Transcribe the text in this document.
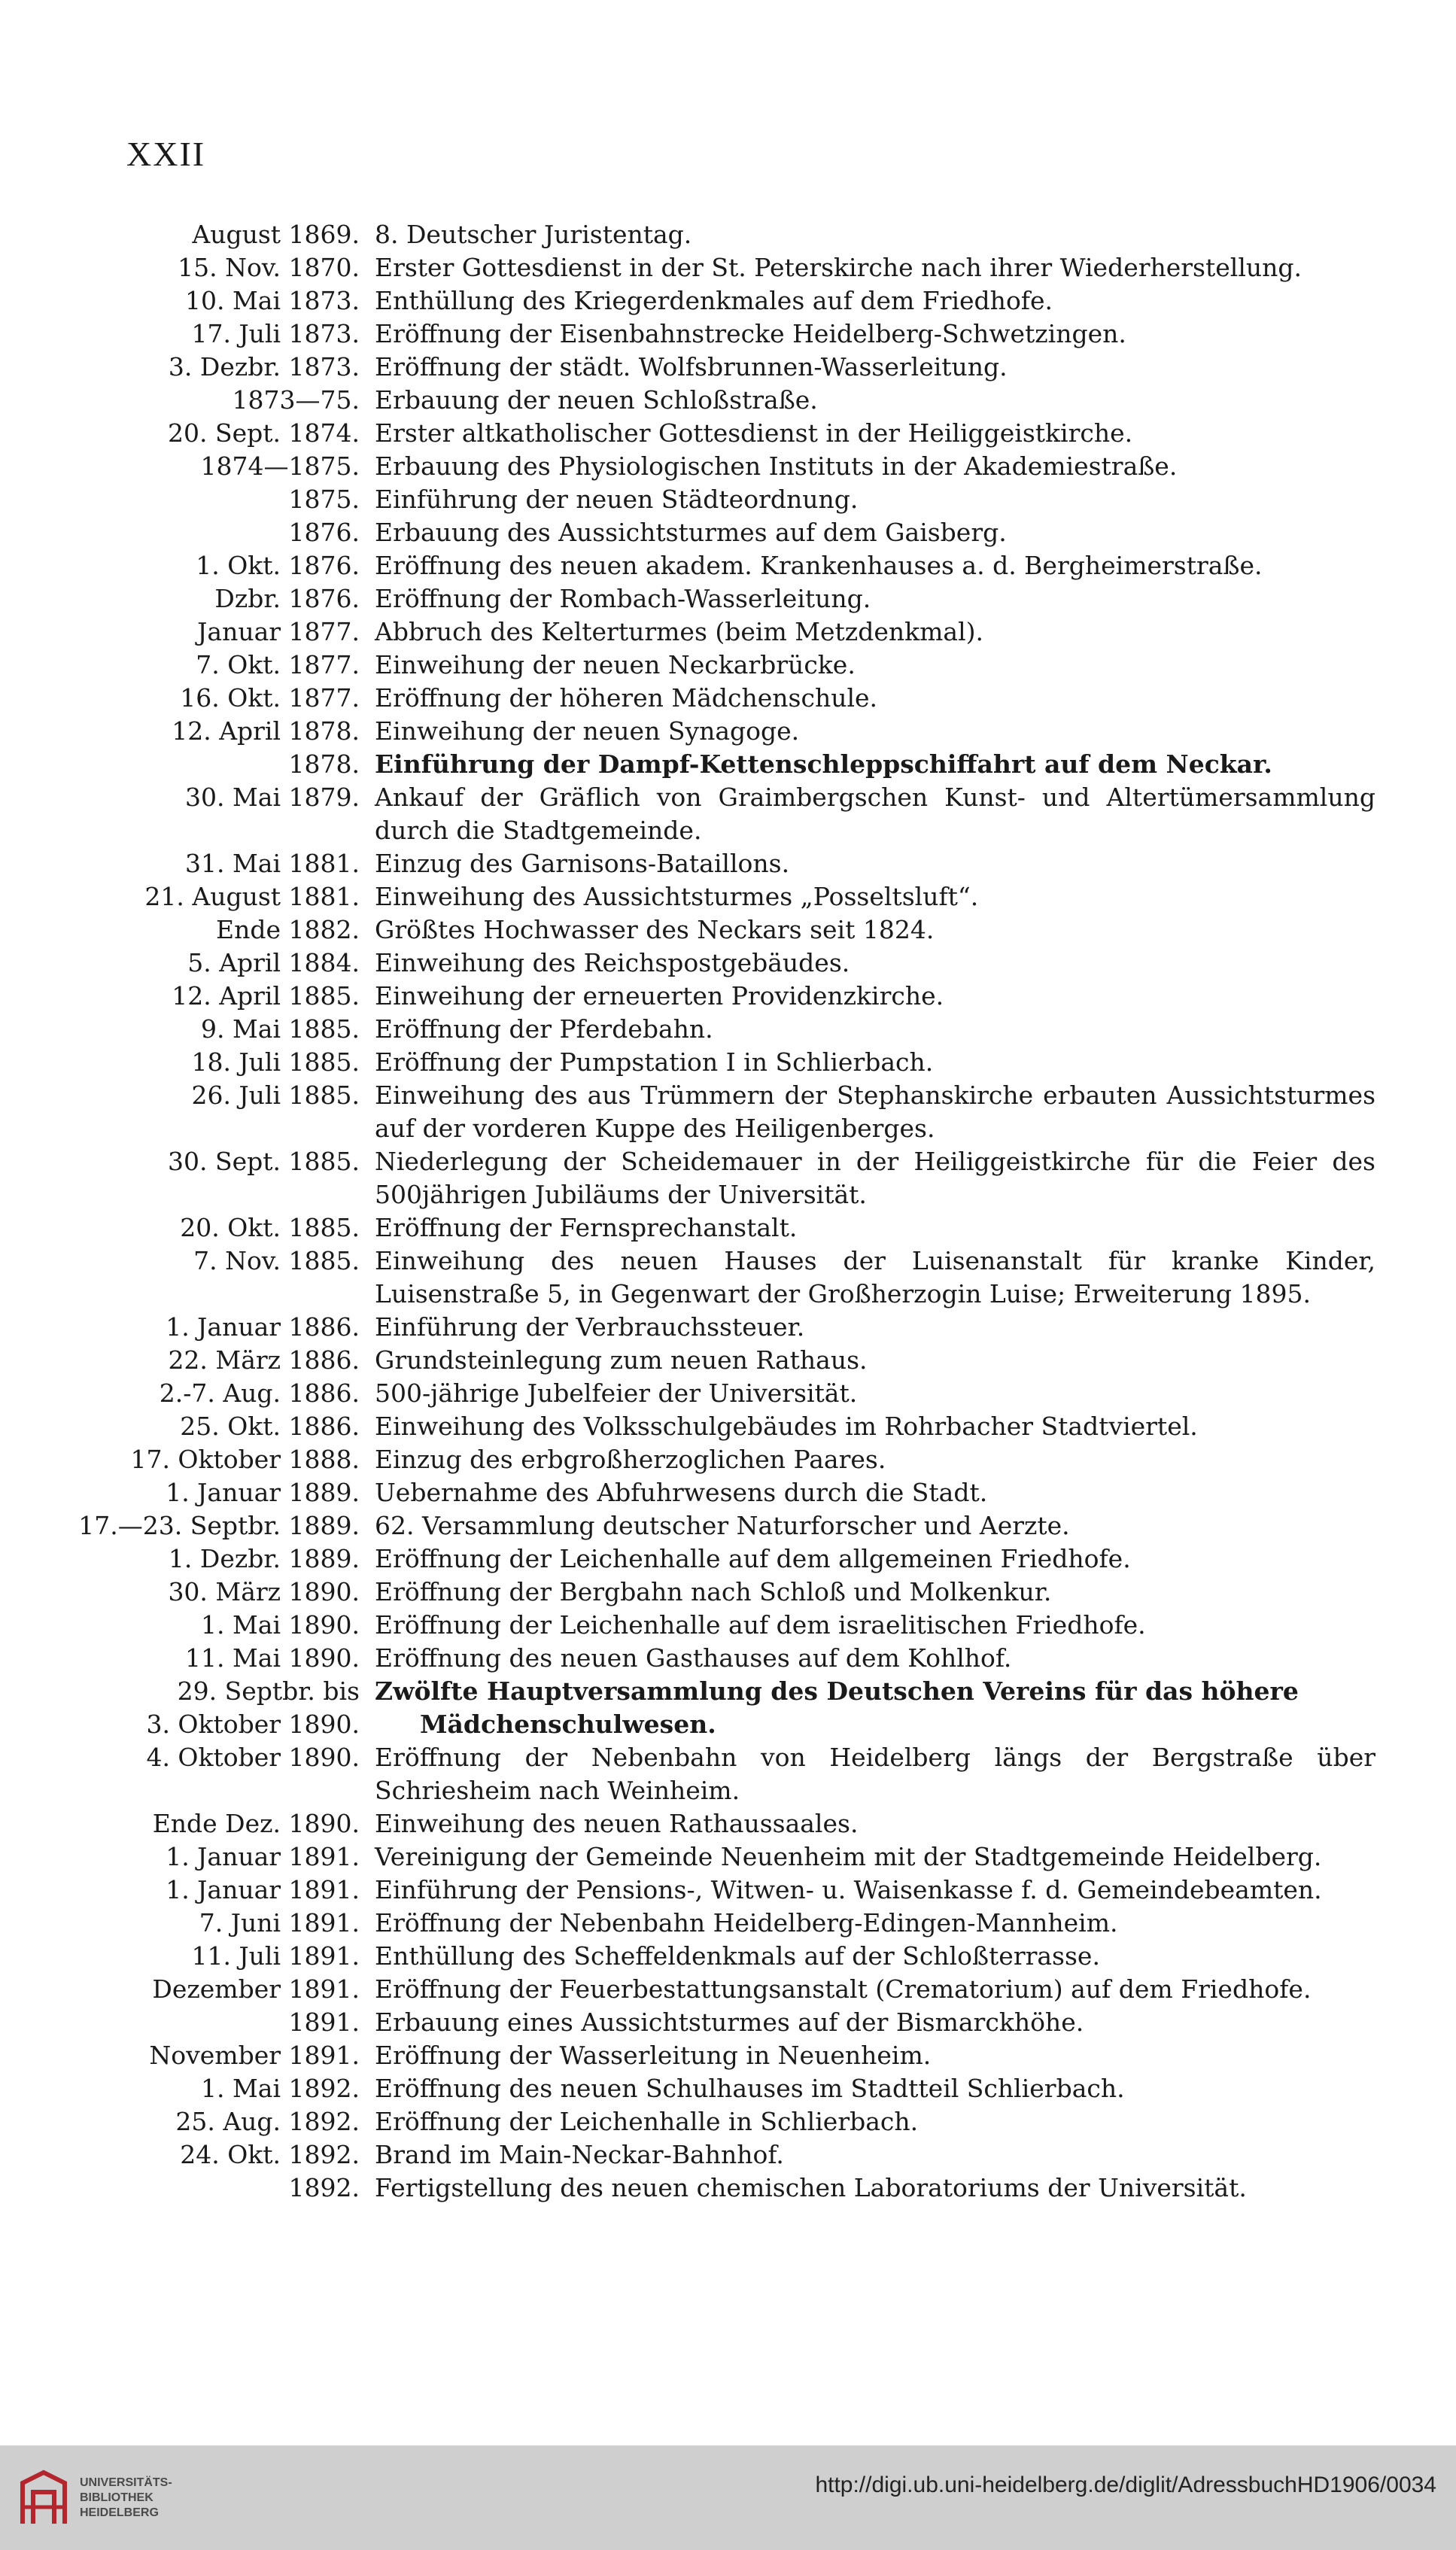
XXII
August 1869. 8. Deutscher Juristentag.
15. Nov. 1870. Erster Gottesdienst in der St. Peterskirche nach ihrer Wiederherstellung.
10. Mai 1873. Enthüllung des Kriegerdenkmales auf dem Friedhofe.
17. Juli 1873. Eröffnung der Eisenbahnstrecke Heidelberg-Schwetzingen.
3. Dezbr. 1873. Eröffnung der städt. Wolfsbrunnen-Wasserleitung.
1873—75. Erbauung der neuen Schloßstraße.
20. Sept. 1874. Erster altkatholischer Gottesdienst in der Heiliggeistkirche.
1874—1875. Erbauung des Physiologischen Instituts in der Akademiestraße.
1875. Einführung der neuen Städteordnung.
1876. Erbauung des Aussichtsturmes auf dem Gaisberg.
1. Okt. 1876. Eröffnung des neuen akadem. Krankenhauses a. d. Bergheimerstraße.
Dzbr. 1876. Eröffnung der Rombach-Wasserleitung.
Januar 1877. Abbruch des Kelterturmes (beim Metzdenkmal).
7. Okt. 1877. Einweihung der neuen Neckarbrücke.
16. Okt. 1877. Eröffnung der höheren Mädchenschule.
12. April 1878. Einweihung der neuen Synagoge.
1878. Einführung der Dampf-Kettenschleppschiffahrt auf dem Neckar.
30. Mai 1879. Ankauf der Gräflich von Graimbergschen Kunst- und Altertümersammlung durch die Stadtgemeinde.
31. Mai 1881. Einzug des Garnisons-Bataillons.
21. August 1881. Einweihung des Aussichtsturmes „Posseltsluft“.
Ende 1882. Größtes Hochwasser des Neckars seit 1824.
5. April 1884. Einweihung des Reichspostgebäudes.
12. April 1885. Einweihung der erneuerten Providenzkirche.
9. Mai 1885. Eröffnung der Pferdebahn.
18. Juli 1885. Eröffnung der Pumpstation I in Schlierbach.
26. Juli 1885. Einweihung des aus Trümmern der Stephanskirche erbauten Aussichtsturmes auf der vorderen Kuppe des Heiligenberges.
30. Sept. 1885. Niederlegung der Scheidemauer in der Heiliggeistkirche für die Feier des 500jährigen Jubiläums der Universität.
20. Okt. 1885. Eröffnung der Fernsprechanstalt.
7. Nov. 1885. Einweihung des neuen Hauses der Luisenanstalt für kranke Kinder, Luisenstraße 5, in Gegenwart der Großherzogin Luise; Erweiterung 1895.
1. Januar 1886. Einführung der Verbrauchssteuer.
22. März 1886. Grundsteinlegung zum neuen Rathaus.
2.-7. Aug. 1886. 500-jährige Jubelfeier der Universität.
25. Okt. 1886. Einweihung des Volksschulgebäudes im Rohrbacher Stadtviertel.
17. Oktober 1888. Einzug des erbgroßherzoglichen Paares.
1. Januar 1889. Uebernahme des Abfuhrwesens durch die Stadt.
17.—23. Septbr. 1889. 62. Versammlung deutscher Naturforscher und Aerzte.
1. Dezbr. 1889. Eröffnung der Leichenhalle auf dem allgemeinen Friedhofe.
30. März 1890. Eröffnung der Bergbahn nach Schloß und Molkenkur.
1. Mai 1890. Eröffnung der Leichenhalle auf dem israelitischen Friedhofe.
11. Mai 1890. Eröffnung des neuen Gasthauses auf dem Kohlhof.
29. Septbr. bis Zwölfte Hauptversammlung des Deutschen Vereins für das höhere
3. Oktober 1890.	Mädchenschulwesen.
4. Oktober 1890. Eröffnung der Nebenbahn von Heidelberg längs der Bergstraße über Schriesheim nach Weinheim.
Ende Dez. 1890. Einweihung des neuen Rathaussaales.
1. Januar 1891. Vereinigung der Gemeinde Neuenheim mit der Stadtgemeinde Heidelberg.
1. Januar 1891. Einführung der Pensions-, Witwen- u. Waisenkasse f. d. Gemeindebeamten.
7. Juni 1891. Eröffnung der Nebenbahn Heidelberg-Edingen-Mannheim.
11. Juli 1891. Enthüllung des Scheffeldenkmals auf der Schloßterrasse.
Dezember 1891. Eröffnung der Feuerbestattungsanstalt (Crematorium) auf dem Friedhofe.
1891. Erbauung eines Aussichtsturmes auf der Bismarckhöhe.
November 1891. Eröffnung der Wasserleitung in Neuenheim.
1. Mai 1892. Eröffnung des neuen Schulhauses im Stadtteil Schlierbach.
25. Aug. 1892. Eröffnung der Leichenhalle in Schlierbach.
24. Okt. 1892. Brand im Main-Neckar-Bahnhof.
1892. Fertigstellung des neuen chemischen Laboratoriums der Universität.
UNIVERSITÄTS-
BIBLIOTHEK
HEIDELBERG
http://digi.ub.uni-heidelberg.de/diglit/AdressbuchHD1906/0034
